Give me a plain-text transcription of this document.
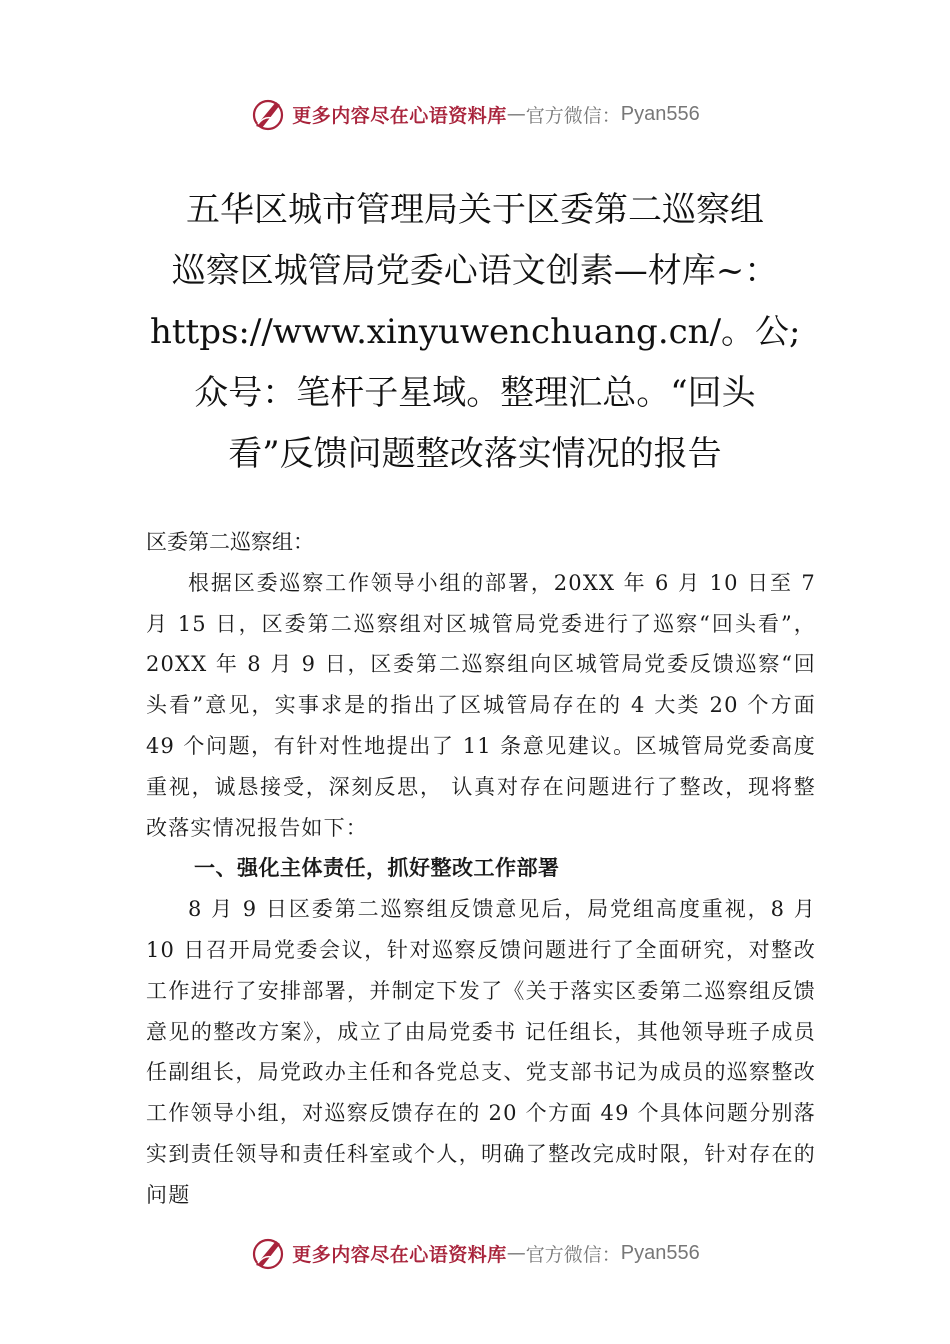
更多内容尽在心语资料库 — 官方微信： Pyan556
五华区城市管理局关于区委第二巡察组
巡察区城管局党委心语文创素—材库~：
https://www.xinyuwenchuang.cn/。公;
众号：笔杆子星域。整理汇总。“回头
看”反馈问题整改落实情况的报告

区委第二巡察组：

根据区委巡察工作领导小组的部署，20XX 年 6 月 10 日至 7 月 15 日，区委第二巡察组对区城管局党委进行了巡察“回头看”，20XX 年 8 月 9 日，区委第二巡察组向区城管局党委反馈巡察“回头看”意见，实事求是的指出了区城管局存在的 4 大类 20 个方面 49 个问题，有针对性地提出了 11 条意见建议。区城管局党委高度重视，诚恳接受，深刻反思， 认真对存在问题进行了整改，现将整改落实情况报告如下：

一、强化主体责任，抓好整改工作部署

8 月 9 日区委第二巡察组反馈意见后，局党组高度重视，8 月 10 日召开局党委会议，针对巡察反馈问题进行了全面研究，对整改工作进行了安排部署，并制定下发了《关于落实区委第二巡察组反馈意见的整改方案》，成立了由局党委书 记任组长，其他领导班子成员任副组长，局党政办主任和各党总支、党支部书记为成员的巡察整改工作领导小组，对巡察反馈存在的 20 个方面 49 个具体问题分别落实到责任领导和责任科室或个人，明确了整改完成时限，针对存在的问题

更多内容尽在心语资料库 — 官方微信： Pyan556
